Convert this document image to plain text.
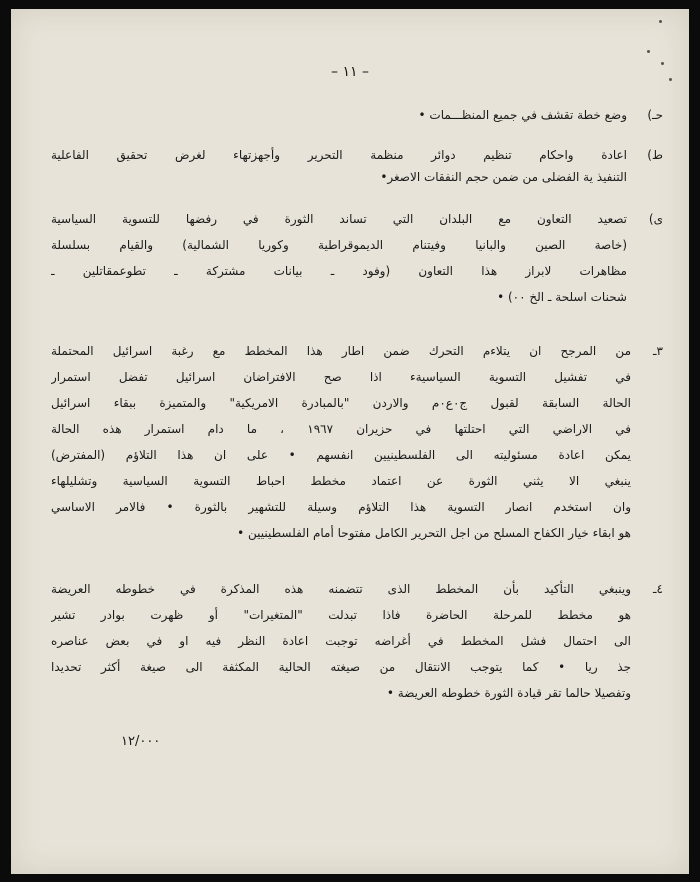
– ١١ –
حـ)
وضع خطة تقشف في جميع المنظـــمات •
ط)
اعادة واحكام تنظيم دوائر منظمة التحرير وأجهزتهاء لغرض تحقيق الفاعلية
التنفيذ ية الفضلى من ضمن حجم النفقات الاصغر•
ى)
تصعيد التعاون مع البلدان التي تساند الثورة في رفضها للتسوية السياسية
(خاصة الصين والبانيا وفيتنام الديموقراطية وكوريا الشمالية) والقيام بسلسلة
مظاهرات لابراز هذا التعاون (وفود ـ بيانات مشتركة ـ تطوعمقاتلين ـ
شحنات اسلحة ـ الخ ٠٠) •
٣ـ
من المرجح ان يتلاءم التحرك ضمن اطار هذا المخطط مع رغبة اسرائيل المحتملة
في تفشيل التسوية السياسيةء اذا صح الافتراضان اسرائيل تفضل استمرار
الحالة السابقة لقبول ج٠ع٠م والاردن "بالمبادرة الامريكية" والمتميزة ببقاء اسرائيل
في الاراضي التي احتلتها في حزيران ١٩٦٧ ، ما دام استمرار هذه الحالة
يمكن اعادة مسئوليته الى الفلسطينيين انفسهم • على ان هذا التلاؤم (المفترض)
ينبغي الا يثني الثورة عن اعتماد مخطط احباط التسوية السياسية وتشليلهاء
وان استخدم انصار التسوية هذا التلاؤم وسيلة للتشهير بالثورة • فالامر الاساسي
هو ابقاء خيار الكفاح المسلح من اجل التحرير الكامل مفتوحا أمام الفلسطينيين •
٤ـ
وينبغي التأكيد بأن المخطط الذى تتضمنه هذه المذكرة في خطوطه العريضة
هو مخطط للمرحلة الحاضرة فاذا تبدلت "المتغيرات" أو ظهرت بوادر تشير
الى احتمال فشل المخطط في أغراضه توجبت اعادة النظر فيه او في بعض عناصره
جذ ريا • كما يتوجب الانتقال من صيغته الحالية المكثفة الى صيغة أكثر تحديدا
وتفصيلا حالما تقر قيادة الثورة خطوطه العريضة •
١٢/٠٠٠
